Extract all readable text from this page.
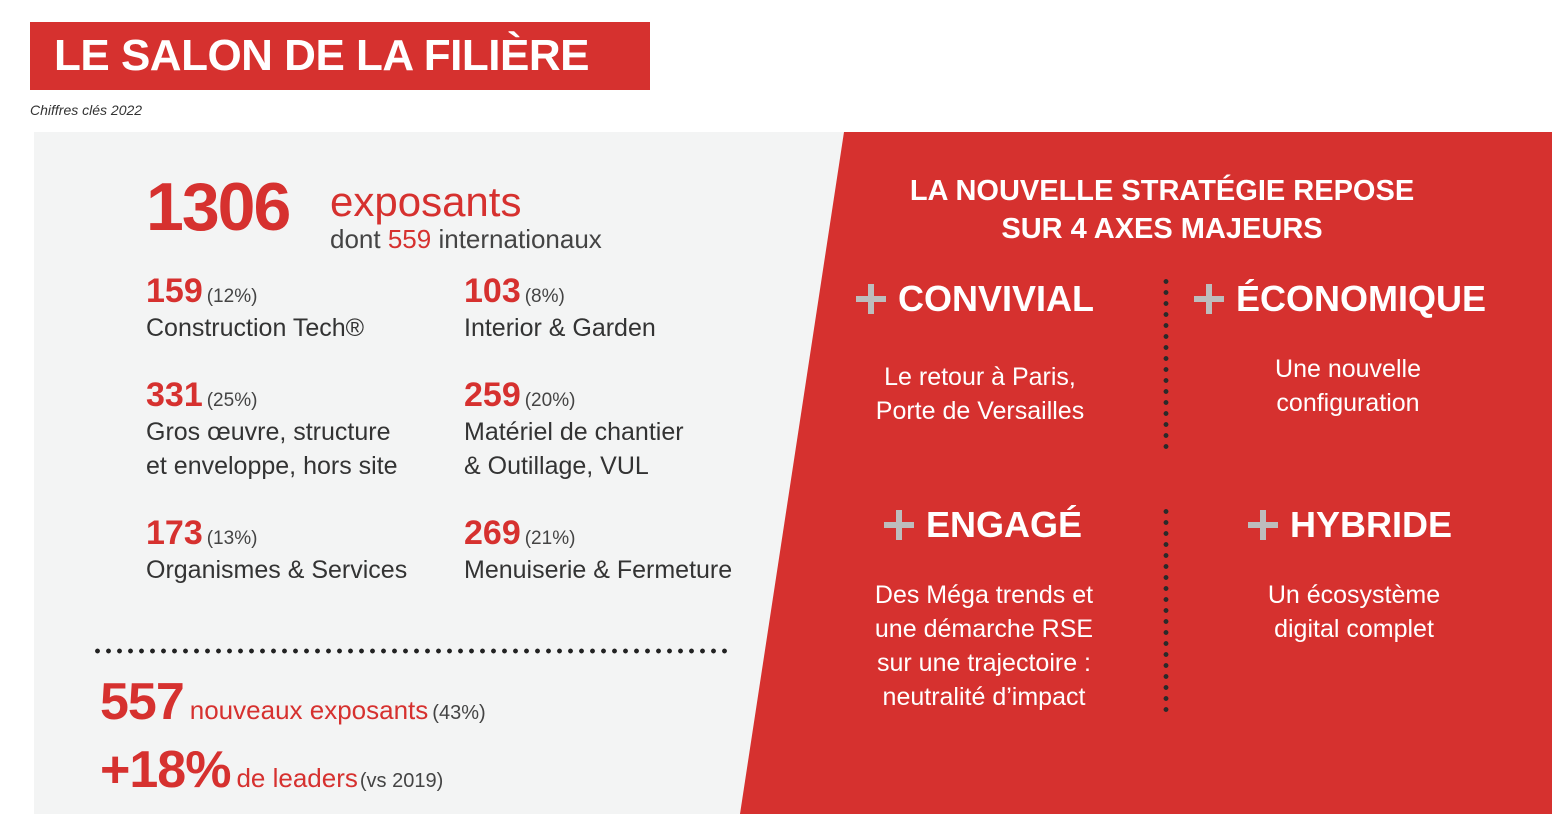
LE SALON DE LA FILIÈRE
Chiffres clés 2022
1306 exposants
dont 559 internationaux
159 (12%)
Construction Tech®
103 (8%)
Interior & Garden
331 (25%)
Gros œuvre, structure
et enveloppe, hors site
259 (20%)
Matériel de chantier
& Outillage, VUL
173 (13%)
Organismes & Services
269 (21%)
Menuiserie & Fermeture
557 nouveaux exposants (43%)
+18% de leaders (vs 2019)
LA NOUVELLE STRATÉGIE REPOSE
SUR 4 AXES MAJEURS
CONVIVIAL
Le retour à Paris,
Porte de Versailles
ÉCONOMIQUE
Une nouvelle
configuration
ENGAGÉ
Des Méga trends et
une démarche RSE
sur une trajectoire :
neutralité d’impact
HYBRIDE
Un écosystème
digital complet
